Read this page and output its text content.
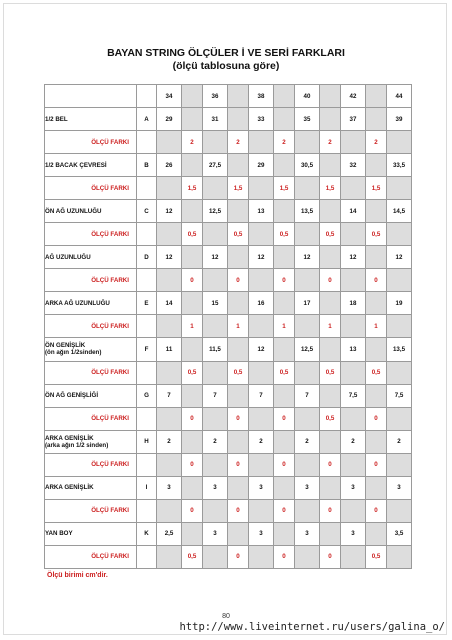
BAYAN STRING ÖLÇÜLER İ VE SERİ FARKLARI
(ölçü tablosuna göre)
		34		36		38		40		42		44
1/2 BEL	A	29		31		33		35		37		39
ÖLÇÜ FARKI			2		2		2		2		2	
1/2 BACAK ÇEVRESİ	B	26		27,5		29		30,5		32		33,5
ÖLÇÜ FARKI			1,5		1,5		1,5		1,5		1,5	
ÖN AĞ UZUNLUĞU	C	12		12,5		13		13,5		14		14,5
ÖLÇÜ FARKI			0,5		0,5		0,5		0,5		0,5	
AĞ UZUNLUĞU	D	12		12		12		12		12		12
ÖLÇÜ FARKI			0		0		0		0		0	
ARKA AĞ UZUNLUĞU	E	14		15		16		17		18		19
ÖLÇÜ FARKI			1		1		1		1		1	
ÖN GENİŞLİK
(ön ağın 1/2sinden)	F	11		11,5		12		12,5		13		13,5
ÖLÇÜ FARKI			0,5		0,5		0,5		0,5		0,5	
ÖN AĞ GENİŞLİĞİ	G	7		7		7		7		7,5		7,5
ÖLÇÜ FARKI			0		0		0		0,5		0	
ARKA GENİŞLİK
(arka ağın 1/2 sinden)	H	2		2		2		2		2		2
ÖLÇÜ FARKI			0		0		0		0		0	
ARKA GENİŞLİK	I	3		3		3		3		3		3
ÖLÇÜ FARKI			0		0		0		0		0	
YAN BOY	K	2,5		3		3		3		3		3,5
ÖLÇÜ FARKI			0,5		0		0		0		0,5	
Ölçü birimi cm'dir.
80
http://www.liveinternet.ru/users/galina_o/
